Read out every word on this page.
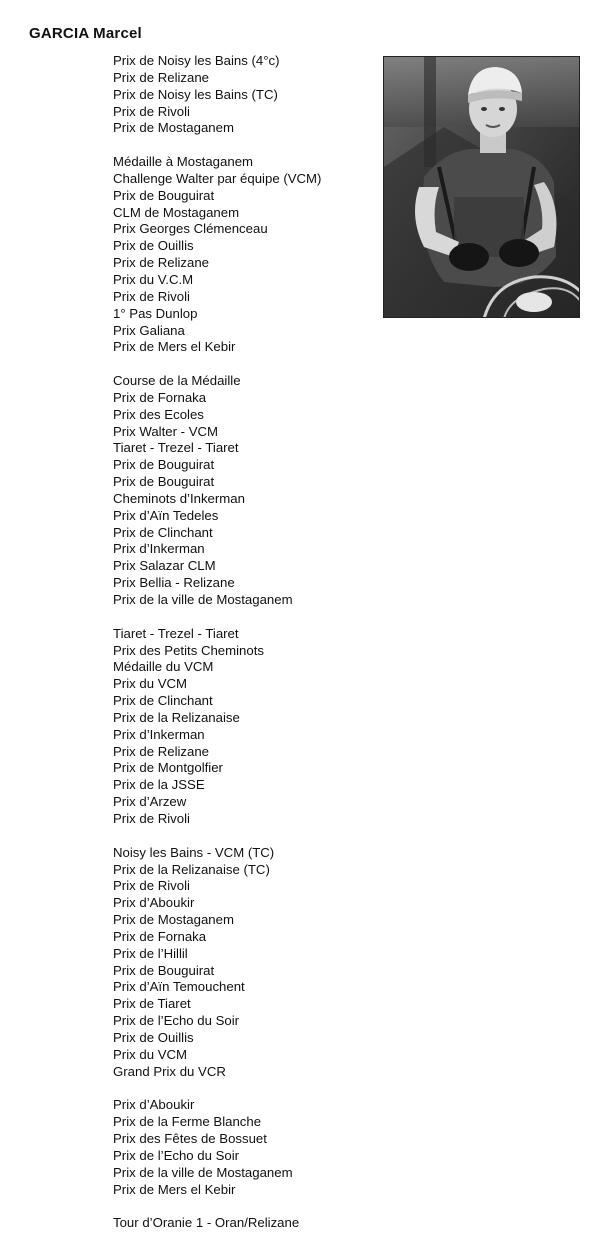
GARCIA Marcel
Prix de Noisy les Bains (4°c)
Prix de Relizane
Prix de Noisy les Bains (TC)
Prix de Rivoli
Prix de Mostaganem
Médaille à Mostaganem
Challenge Walter par équipe (VCM)
Prix de Bouguirat
CLM de Mostaganem
Prix Georges Clémenceau
Prix de Ouillis
Prix de Relizane
Prix du V.C.M
Prix de Rivoli
1° Pas Dunlop
Prix Galiana
Prix de Mers el Kebir
Course de la Médaille
Prix de Fornaka
Prix des Ecoles
Prix Walter - VCM
Tiaret - Trezel - Tiaret
Prix de Bouguirat
Prix de Bouguirat
Cheminots d’Inkerman
Prix d’Aïn Tedeles
Prix de Clinchant
Prix d’Inkerman
Prix Salazar CLM
Prix Bellia - Relizane
Prix de la ville de Mostaganem
Tiaret - Trezel - Tiaret
Prix des Petits Cheminots
Médaille du VCM
Prix du VCM
Prix de Clinchant
Prix de la Relizanaise
Prix d’Inkerman
Prix de Relizane
Prix de Montgolfier
Prix de la JSSE
Prix d’Arzew
Prix de Rivoli
Noisy les Bains - VCM (TC)
Prix de la Relizanaise (TC)
Prix de Rivoli
Prix d’Aboukir
Prix de Mostaganem
Prix de Fornaka
Prix de l’Hillil
Prix de Bouguirat
Prix d’Aïn Temouchent
Prix de Tiaret
Prix de l’Echo du Soir
Prix de Ouillis
Prix du VCM
Grand Prix du VCR
Prix d’Aboukir
Prix de la Ferme Blanche
Prix des Fêtes de Bossuet
Prix de l’Echo du Soir
Prix de la ville de Mostaganem
Prix de Mers el Kebir
Tour d’Oranie 1 - Oran/Relizane
